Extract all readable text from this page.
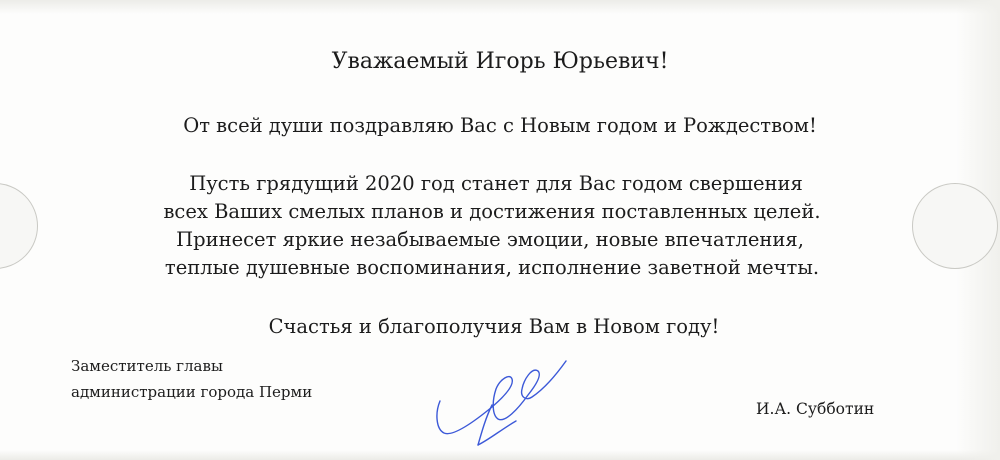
Уважаемый Игорь Юрьевич!
От всей души поздравляю Вас с Новым годом и Рождеством!
Пусть грядущий 2020 год станет для Вас годом свершения
всех Ваших смелых планов и достижения поставленных целей.
Принесет яркие незабываемые эмоции, новые впечатления,
теплые душевные воспоминания, исполнение заветной мечты.
Счастья и благополучия Вам в Новом году!
Заместитель главы
администрации города Перми
И.А. Субботин
